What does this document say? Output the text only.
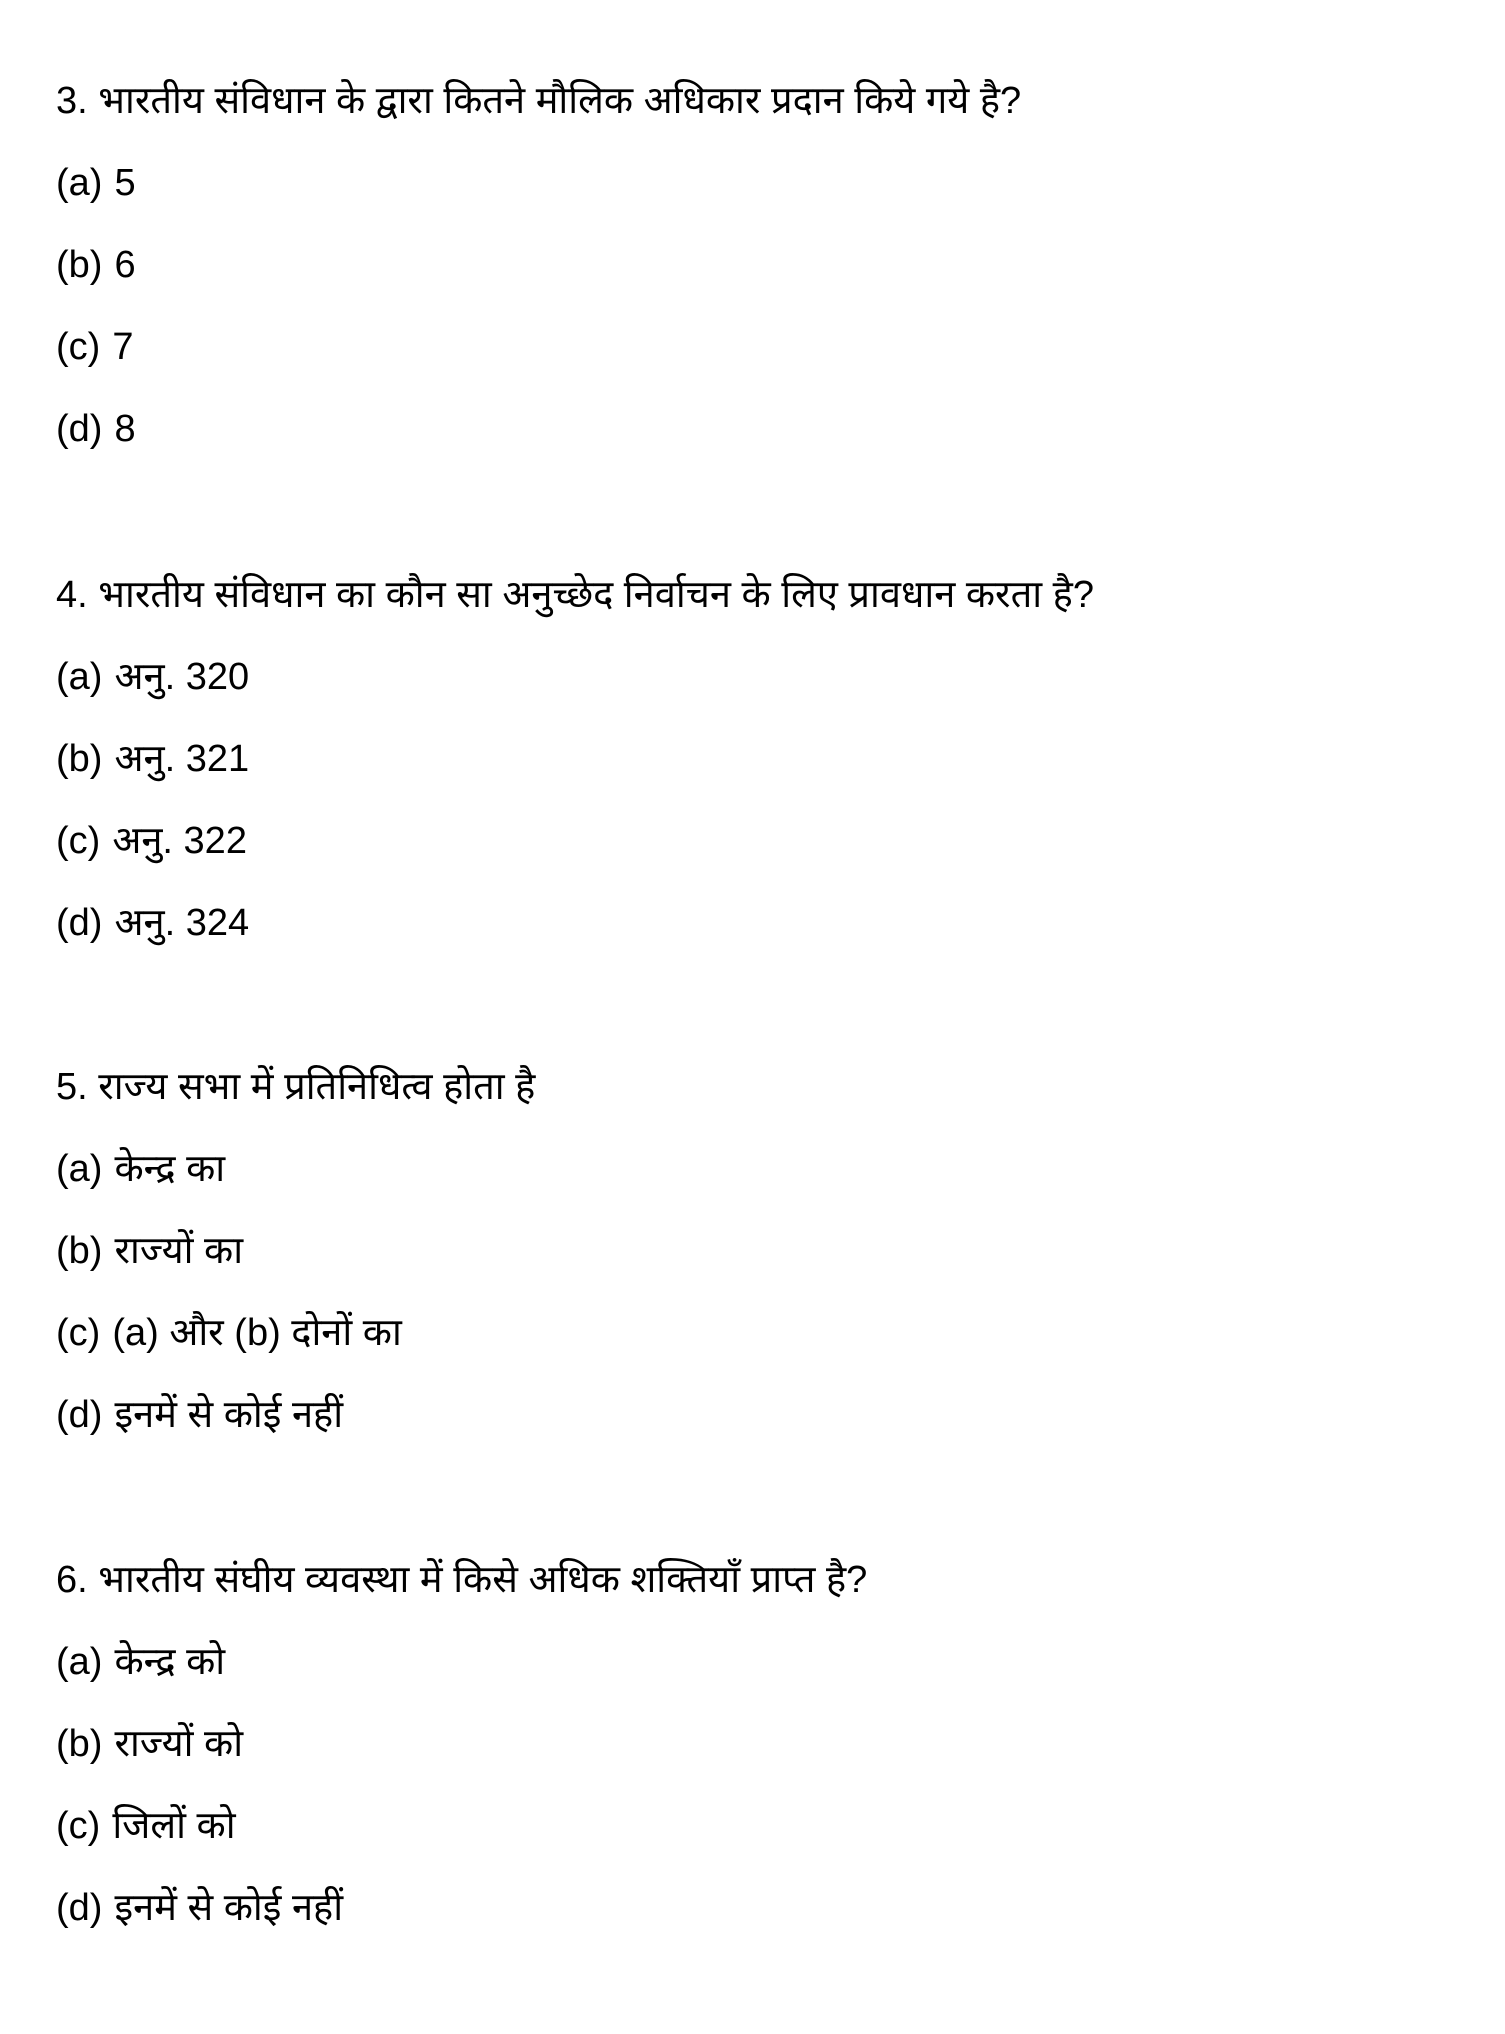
3. भारतीय संविधान के द्वारा कितने मौलिक अधिकार प्रदान किये गये है?
(a) 5
(b) 6
(c) 7
(d) 8
4. भारतीय संविधान का कौन सा अनुच्छेद निर्वाचन के लिए प्रावधान करता है?
(a) अनु. 320
(b) अनु. 321
(c) अनु. 322
(d) अनु. 324
5. राज्य सभा में प्रतिनिधित्व होता है
(a) केन्द्र का
(b) राज्यों का
(c) (a) और (b) दोनों का
(d) इनमें से कोई नहीं
6. भारतीय संघीय व्यवस्था में किसे अधिक शक्तियाँ प्राप्त है?
(a) केन्द्र को
(b) राज्यों को
(c) जिलों को
(d) इनमें से कोई नहीं
